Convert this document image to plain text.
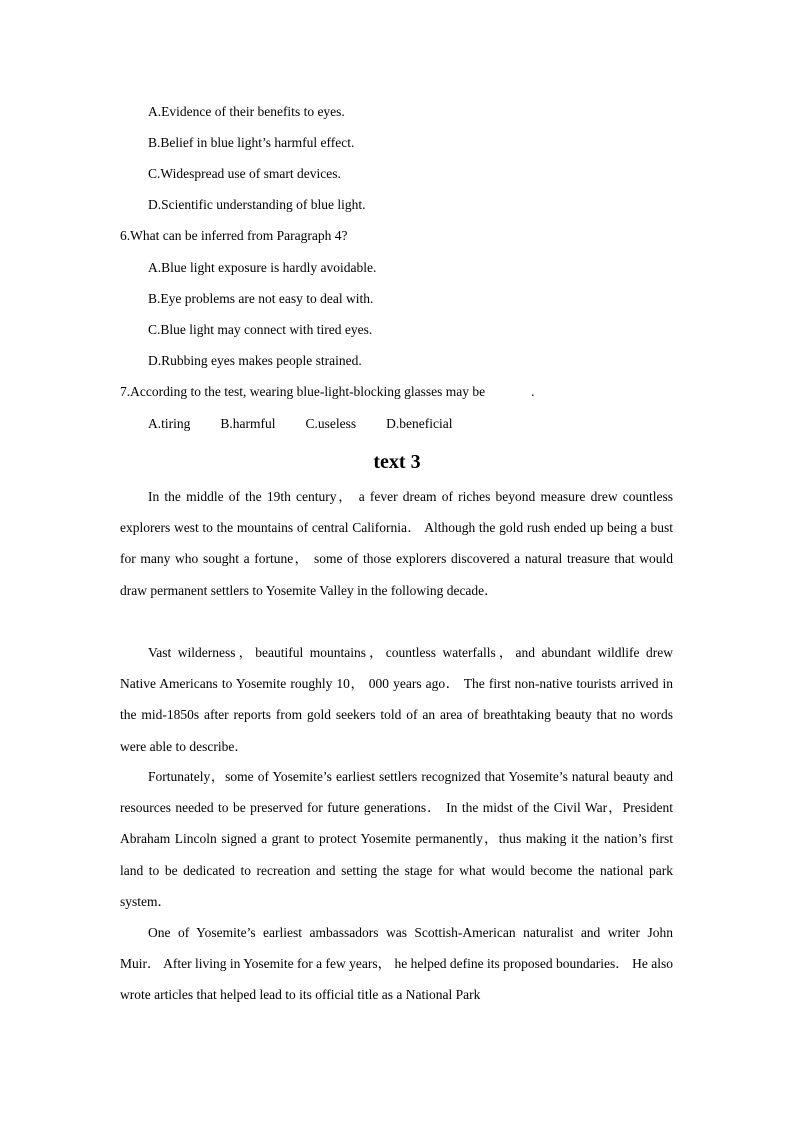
A.Evidence of their benefits to eyes.
B.Belief in blue light’s harmful effect.
C.Widespread use of smart devices.
D.Scientific understanding of blue light.
6.What can be inferred from Paragraph 4?
A.Blue light exposure is hardly avoidable.
B.Eye problems are not easy to deal with.
C.Blue light may connect with tired eyes.
D.Rubbing eyes makes people strained.
7.According to the test, wearing blue-light-blocking glasses may be	.
A.tiring B.harmful C.useless D.beneficial
text 3
In the middle of the 19th century， a fever dream of riches beyond measure drew countless explorers west to the mountains of central California． Although the gold rush ended up being a bust for many who sought a fortune， some of those explorers discovered a natural treasure that would draw permanent settlers to Yosemite Valley in the following decade．
Vast wilderness，beautiful mountains，countless waterfalls，and abundant wildlife drew Native Americans to Yosemite roughly 10， 000 years ago． The first non-native tourists arrived in the mid-1850s after reports from gold seekers told of an area of breathtaking beauty that no words were able to describe．
Fortunately，some of Yosemite’s earliest settlers recognized that Yosemite’s natural beauty and resources needed to be preserved for future generations． In the midst of the Civil War，President Abraham Lincoln signed a grant to protect Yosemite permanently，thus making it the nation’s first land to be dedicated to recreation and setting the stage for what would become the national park system．
One of Yosemite’s earliest ambassadors was Scottish-American naturalist and writer John Muir． After living in Yosemite for a few years， he helped define its proposed boundaries． He also wrote articles that helped lead to its official title as a National Park
